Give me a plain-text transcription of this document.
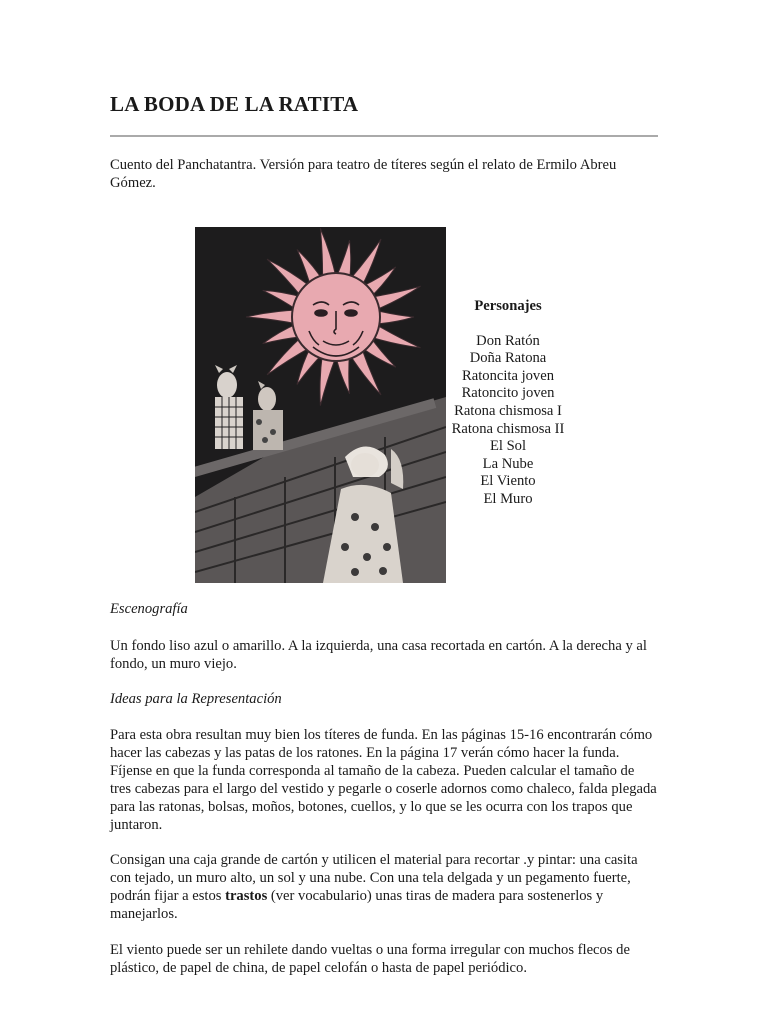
LA BODA DE LA RATITA

Cuento del Panchatantra. Versión para teatro de títeres según el relato de Ermilo Abreu Gómez.

Personajes
Don Ratón
Doña Ratona
Ratoncita joven
Ratoncito joven
Ratona chismosa I
Ratona chismosa II
El Sol
La Nube
El Viento
El Muro

Escenografía

Un fondo liso azul o amarillo. A la izquierda, una casa recortada en cartón. A la derecha y al fondo, un muro viejo.

Ideas para la Representación

Para esta obra resultan muy bien los títeres de funda. En las páginas 15-16 encontrarán cómo hacer las cabezas y las patas de los ratones. En la página 17 verán cómo hacer la funda. Fíjense en que la funda corresponda al tamaño de la cabeza. Pueden calcular el tamaño de tres cabezas para el largo del vestido y pegarle o coserle adornos como chaleco, falda plegada para las ratonas, bolsas, moños, botones, cuellos, y lo que se les ocurra con los trapos que juntaron.

Consigan una caja grande de cartón y utilicen el material para recortar .y pintar: una casita con tejado, un muro alto, un sol y una nube. Con una tela delgada y un pegamento fuerte, podrán fijar a estos trastos (ver vocabulario) unas tiras de madera para sostenerlos y manejarlos.

El viento puede ser un rehilete dando vueltas o una forma irregular con muchos flecos de plástico, de papel de china, de papel celofán o hasta de papel periódico.
